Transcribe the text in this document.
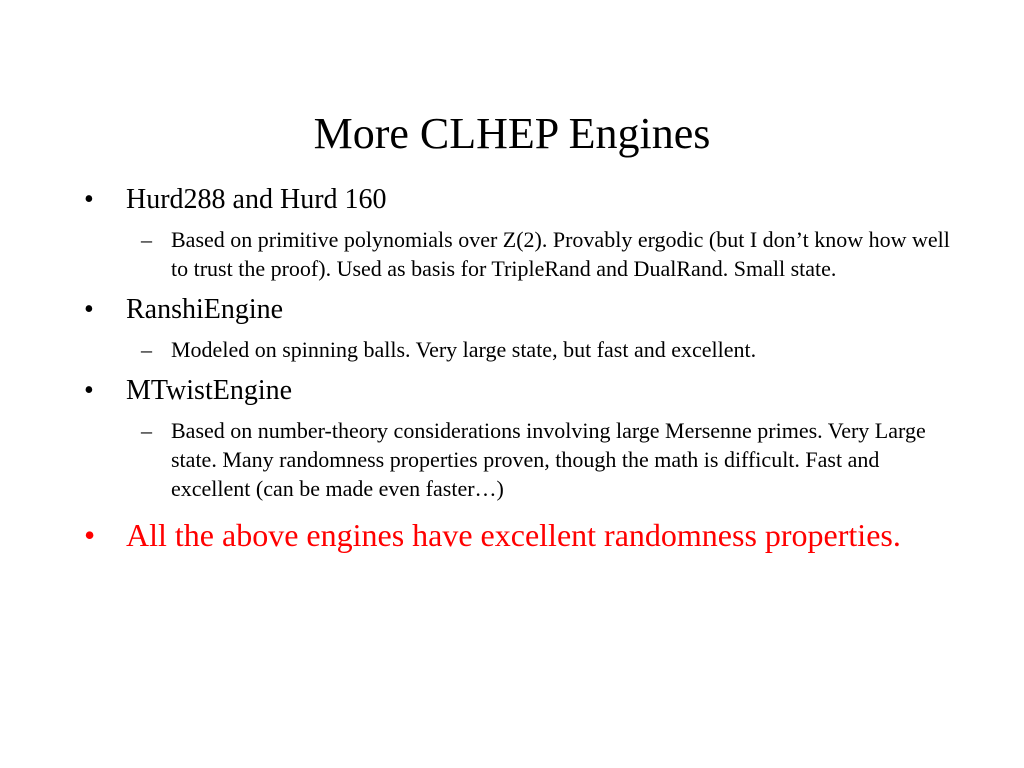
More CLHEP Engines
•	Hurd288 and Hurd 160
– Based on primitive polynomials over Z(2). Provably ergodic (but I don’t know how well to trust the proof). Used as basis for TripleRand and DualRand. Small state.
•	RanshiEngine
– Modeled on spinning balls. Very large state, but fast and excellent.
•	MTwistEngine
– Based on number-theory considerations involving large Mersenne primes. Very Large state. Many randomness properties proven, though the math is difficult. Fast and excellent (can be made even faster…)
• All the above engines have excellent randomness properties.
